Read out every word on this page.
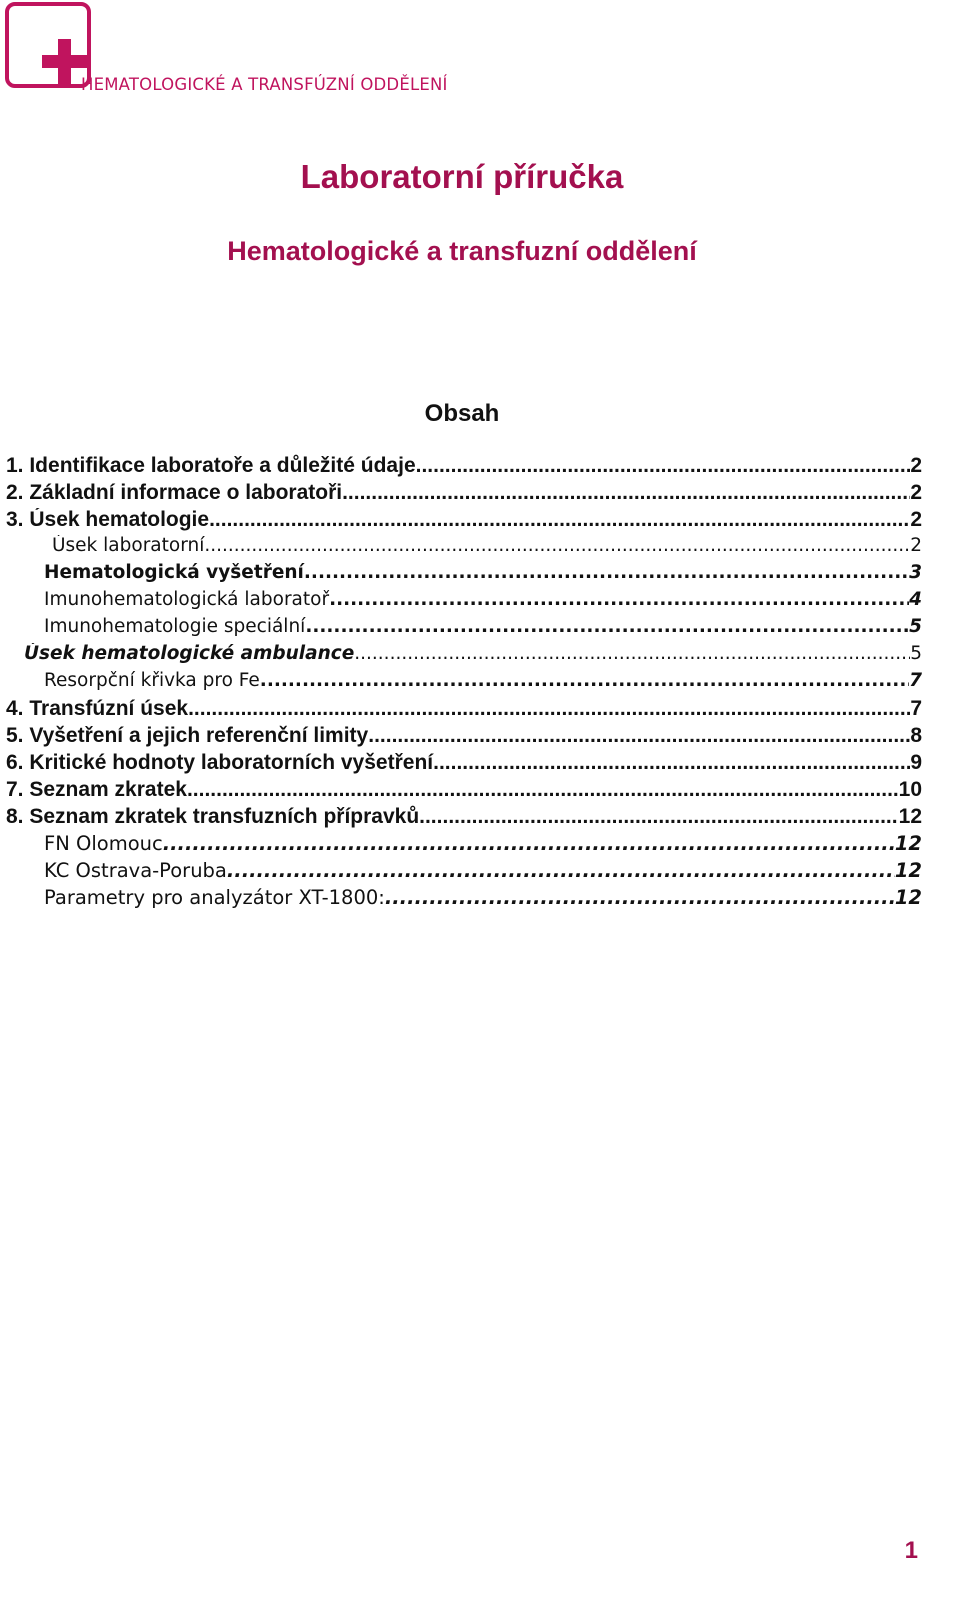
HEMATOLOGICKÉ A TRANSFÚZNÍ ODDĚLENÍ
Laboratorní příručka
Hematologické a transfuzní oddělení
Obsah
1. Identifikace laboratoře a důležité údaje .....	2
2. Základní informace o laboratoři .....	2
3. Úsek hematologie .....	2
Úsek laboratorní .....	2
Hematologická vyšetření .....	3
Imunohematologická laboratoř .....	4
Imunohematologie speciální .....	5
Úsek hematologické ambulance .....	5
Resorpční křivka pro Fe .....	7
4. Transfúzní úsek .....	7
5. Vyšetření a jejich referenční limity .....	8
6. Kritické hodnoty laboratorních vyšetření .....	9
7. Seznam zkratek .....	10
8. Seznam zkratek transfuzních přípravků .....	12
FN Olomouc .....	12
KC Ostrava-Poruba .....	12
Parametry pro analyzátor XT-1800: .....	12
1
